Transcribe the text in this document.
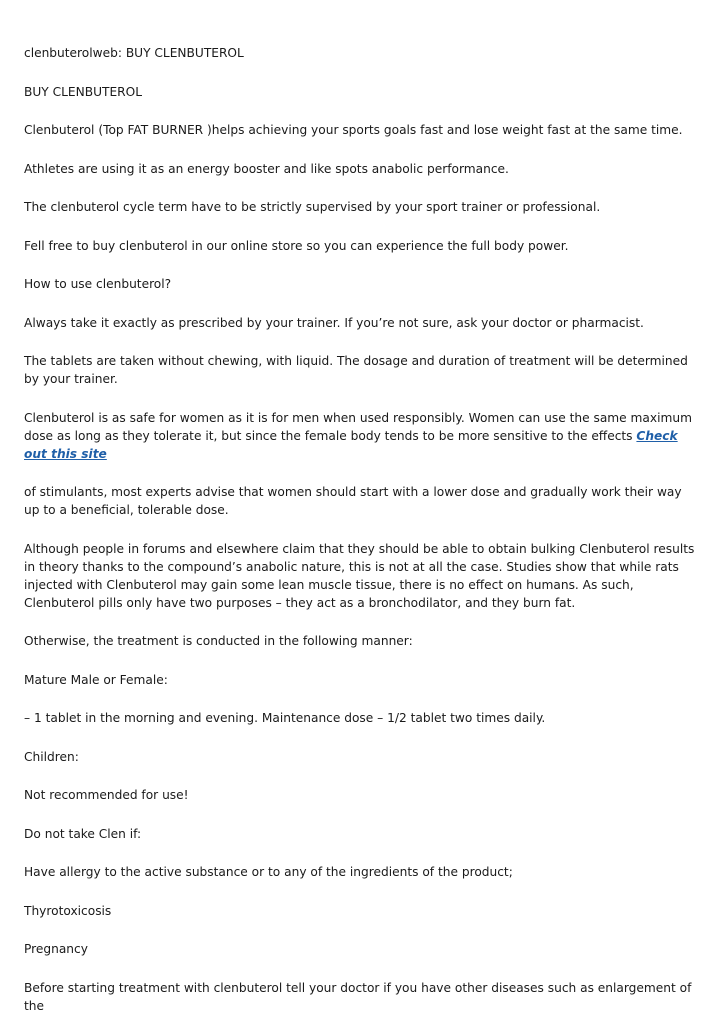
clenbuterolweb: BUY CLENBUTEROL

BUY CLENBUTEROL

Clenbuterol (Top FAT BURNER )helps achieving your sports goals fast and lose weight fast at the same time.

Athletes are using it as an energy booster and like spots anabolic performance.

The clenbuterol cycle term have to be strictly supervised by your sport trainer or professional.

Fell free to buy clenbuterol in our online store so you can experience the full body power.

How to use clenbuterol?

Always take it exactly as prescribed by your trainer. If you’re not sure, ask your doctor or pharmacist.

The tablets are taken without chewing, with liquid. The dosage and duration of treatment will be determined by your trainer.

Clenbuterol is as safe for women as it is for men when used responsibly. Women can use the same maximum dose as long as they tolerate it, but since the female body tends to be more sensitive to the effects Check out this site

of stimulants, most experts advise that women should start with a lower dose and gradually work their way up to a beneficial, tolerable dose.

Although people in forums and elsewhere claim that they should be able to obtain bulking Clenbuterol results in theory thanks to the compound’s anabolic nature, this is not at all the case. Studies show that while rats injected with Clenbuterol may gain some lean muscle tissue, there is no effect on humans. As such, Clenbuterol pills only have two purposes – they act as a bronchodilator, and they burn fat.

Otherwise, the treatment is conducted in the following manner:

Mature Male or Female:

– 1 tablet in the morning and evening. Maintenance dose – 1/2 tablet two times daily.

Children:

Not recommended for use!

Do not take Clen if:

Have allergy to the active substance or to any of the ingredients of the product;

Thyrotoxicosis

Pregnancy

Before starting treatment with clenbuterol tell your doctor if you have other diseases such as enlargement of the
